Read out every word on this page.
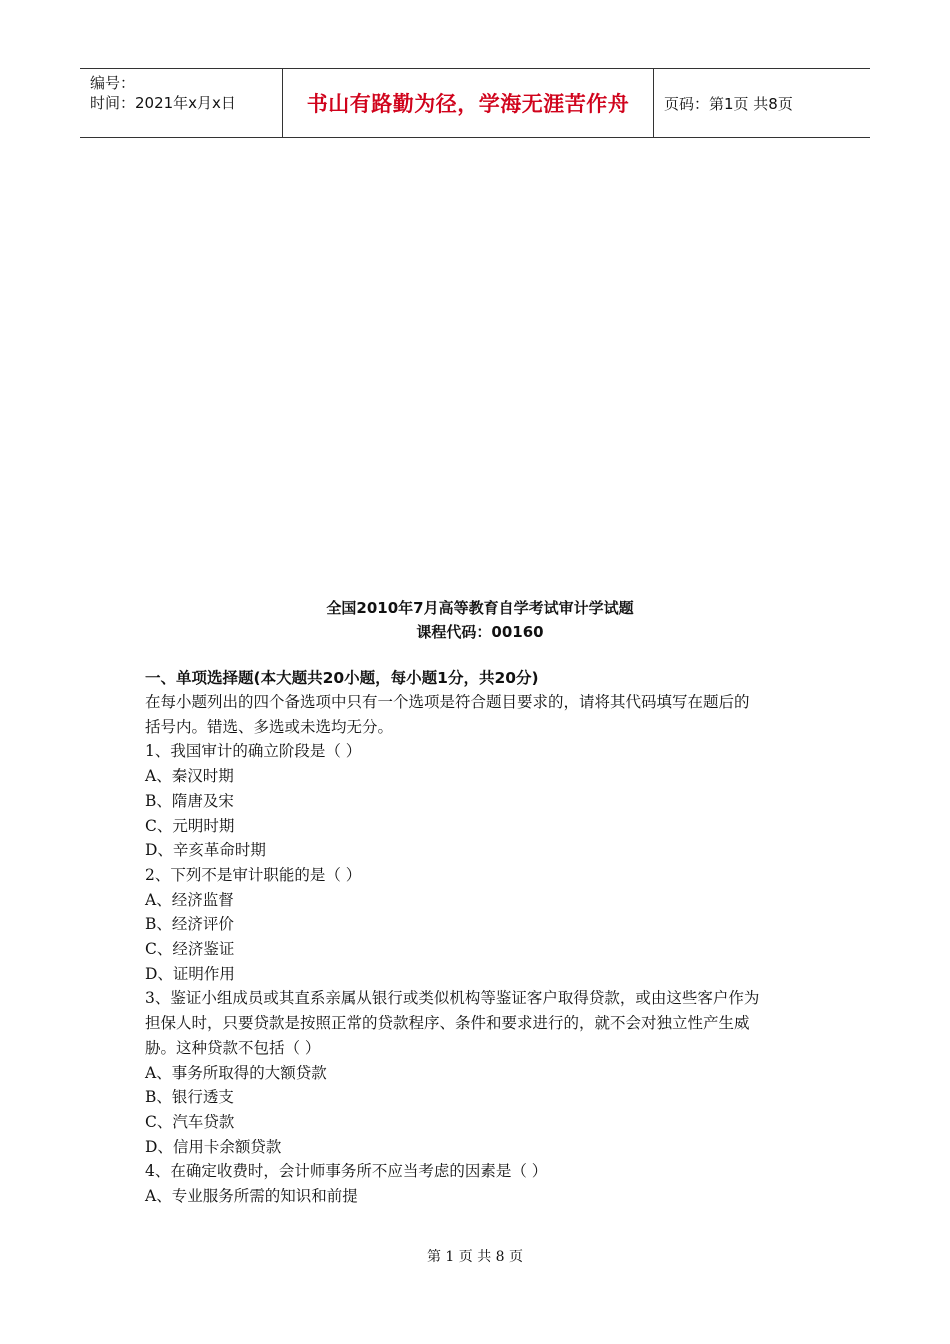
编号：
时间：2021年x月x日	书山有路勤为径，学海无涯苦作舟 页码：第1页 共8页
全国2010年7月高等教育自学考试审计学试题
课程代码：00160
一、单项选择题(本大题共20小题，每小题1分，共20分)

在每小题列出的四个备选项中只有一个选项是符合题目要求的，请将其代码填写在题后的

括号内。错选、多选或未选均无分。

1、我国审计的确立阶段是（ ）

A、秦汉时期

B、隋唐及宋

C、元明时期

D、辛亥革命时期

2、下列不是审计职能的是（ ）

A、经济监督

B、经济评价

C、经济鉴证

D、证明作用

3、鉴证小组成员或其直系亲属从银行或类似机构等鉴证客户取得贷款，或由这些客户作为

担保人时，只要贷款是按照正常的贷款程序、条件和要求进行的，就不会对独立性产生威

胁。这种贷款不包括（ ）

A、事务所取得的大额贷款

B、银行透支

C、汽车贷款

D、信用卡余额贷款

4、在确定收费时，会计师事务所不应当考虑的因素是（ ）

A、专业服务所需的知识和前提

第 1 页 共 8 页
